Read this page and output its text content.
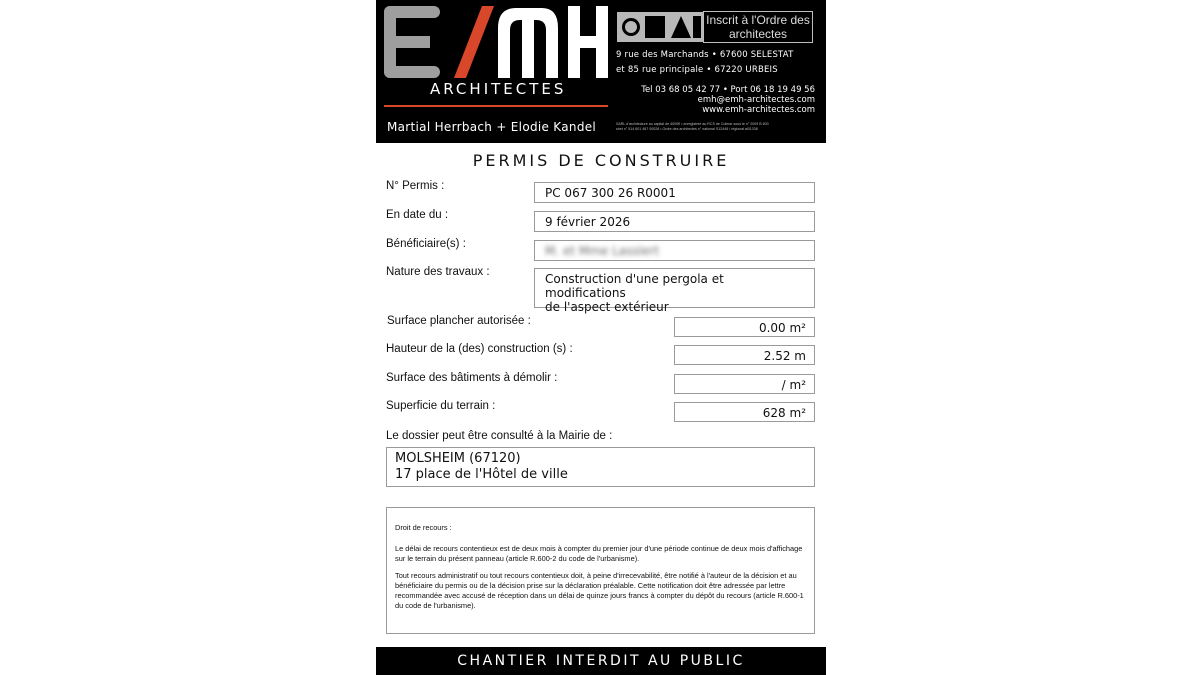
ARCHITECTES
Martial Herrbach + Elodie Kandel
Inscrit à l'Ordre des architectes
9 rue des Marchands • 67600 SELESTAT
et 85 rue principale • 67220 URBEIS
Tel 03 68 05 42 77 • Port 06 18 19 49 56
emh@emh-architectes.com
www.emh-architectes.com
SARL d'architecture au capital de 4000€ • enregistrée au RCS de Colmar sous le n° 2009 B 600
siret n° 514 601 467 00028 • Ordre des architectes n° national S12446 / régional al01338
PERMIS DE CONSTRUIRE
N° Permis :	PC 067 300 26 R0001
En date du :	9 février 2026
Bénéficiaire(s) :	M. et Mme Lasslert
Nature des travaux :	Construction d'une pergola et modifications
de l'aspect extérieur
Surface plancher autorisée :	0.00 m²
Hauteur de la (des) construction (s) :	2.52 m
Surface des bâtiments à démolir :	/ m²
Superficie du terrain :	628 m²
Le dossier peut être consulté à la Mairie de :
MOLSHEIM (67120)
17 place de l'Hôtel de ville

Droit de recours :

Le délai de recours contentieux est de deux mois à compter du premier jour d'une période continue de deux mois d'affichage sur le terrain du présent panneau (article R.600-2 du code de l'urbanisme).

Tout recours administratif ou tout recours contentieux doit, à peine d'irrecevabilité, être notifié à l'auteur de la décision et au bénéficiaire du permis ou de la décision prise sur la déclaration préalable. Cette notification doit être adressée par lettre recommandée avec accusé de réception dans un délai de quinze jours francs à compter du dépôt du recours (article R.600-1 du code de l'urbanisme).

CHANTIER INTERDIT AU PUBLIC
